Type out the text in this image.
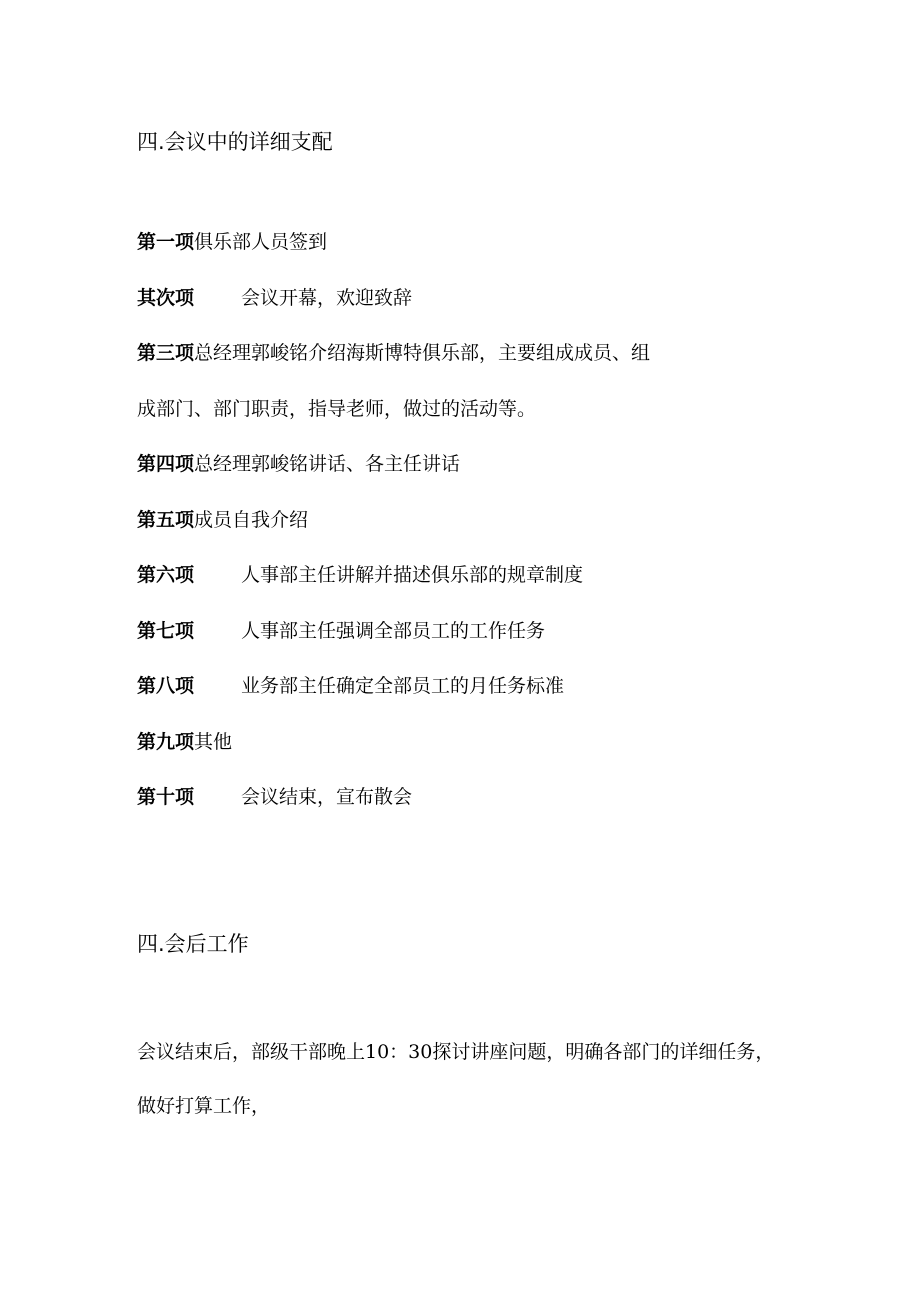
四.会议中的详细支配
第一项俱乐部人员签到
其次项 会议开幕，欢迎致辞
第三项总经理郭峻铭介绍海斯博特俱乐部，主要组成成员、组
成部门、部门职责，指导老师，做过的活动等。
第四项总经理郭峻铭讲话、各主任讲话
第五项成员自我介绍
第六项 人事部主任讲解并描述俱乐部的规章制度
第七项 人事部主任强调全部员工的工作任务
第八项 业务部主任确定全部员工的月任务标准
第九项其他
第十项 会议结束，宣布散会
四.会后工作

会议结束后，部级干部晚上10：30探讨讲座问题，明确各部门的详细任务，做好打算工作，
